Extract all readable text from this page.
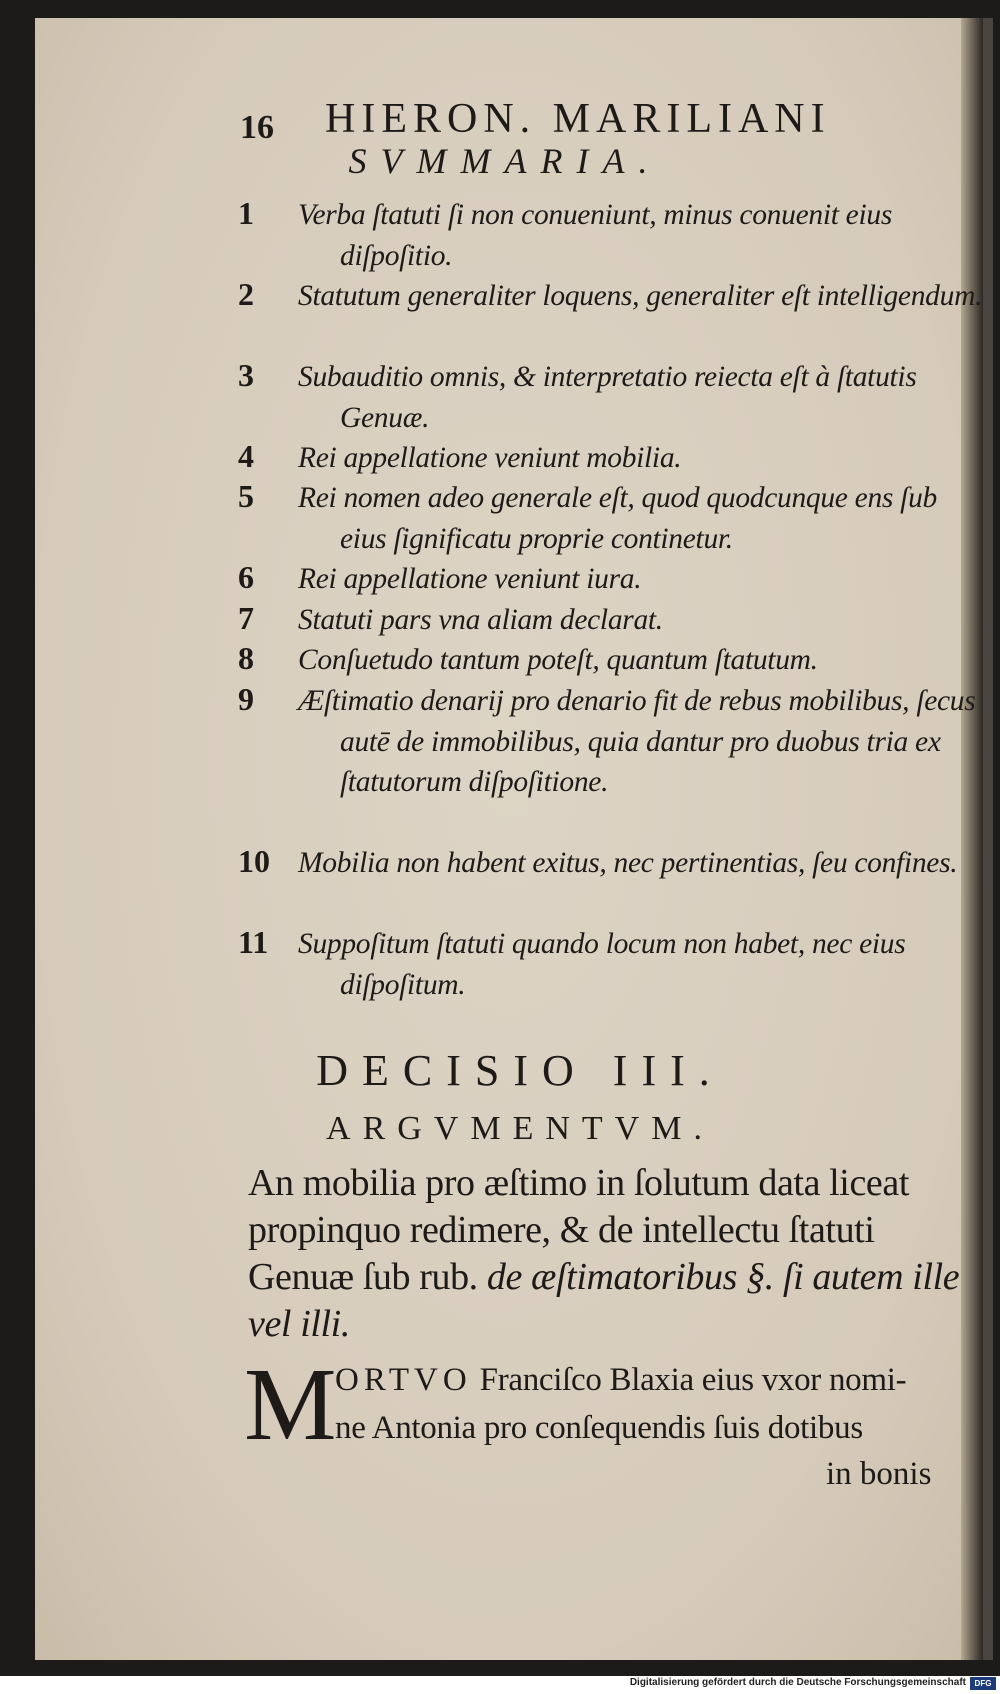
16 HIERON. MARILIANI
SVMMARIA.
1	Verba ſtatuti ſi non conueniunt, minus conuenit eius diſpoſitio.
2	Statutum generaliter loquens, generaliter eſt intelligendum.
3	Subauditio omnis, & interpretatio reiecta eſt à ſtatutis Genuæ.
4	Rei appellatione veniunt mobilia.
5	Rei nomen adeo generale eſt, quod quodcunque ens ſub eius ſignificatu proprie continetur.
6	Rei appellatione veniunt iura.
7	Statuti pars vna aliam declarat.
8	Conſuetudo tantum poteſt, quantum ſtatutum.
9	Æſtimatio denarij pro denario fit de rebus mobilibus, ſecus autē de immobilibus, quia dantur pro duobus tria ex ſtatutorum diſpoſitione.
10 Mobilia non habent exitus, nec pertinentias, ſeu confines.
11	Suppoſitum ſtatuti quando locum non habet, nec eius diſpoſitum.
DECISIO III.
ARGVMENTVM.
An mobilia pro æſtimo in ſolutum data liceat propinquo redimere, & de intellectu ſtatuti Genuæ ſub rub. de æſtimatoribus §. ſi autem ille vel illi.
M
ORTVO Franciſco Blaxia eius vxor nomi-
ne Antonia pro conſequendis ſuis dotibus
in bonis
Digitalisierung gefördert durch die Deutsche Forschungsgemeinschaft	DFG
